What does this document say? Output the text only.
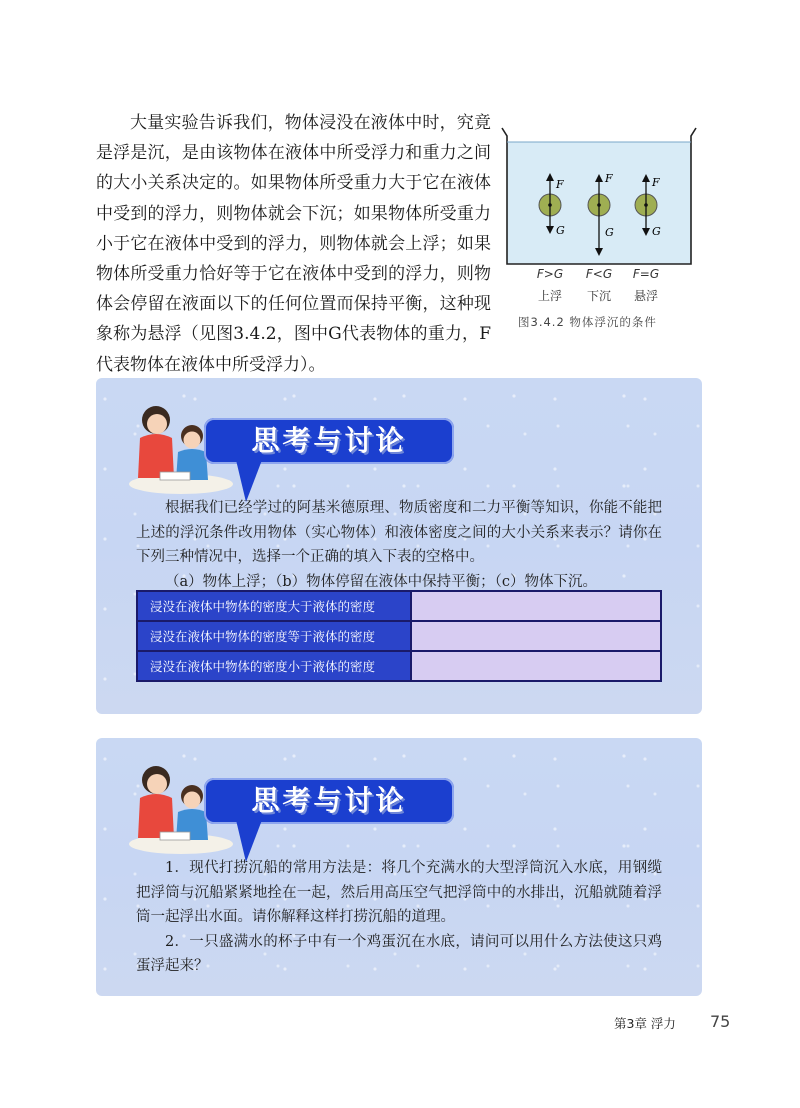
大量实验告诉我们，物体浸没在液体中时，究竟是浮是沉，是由该物体在液体中所受浮力和重力之间的大小关系决定的。如果物体所受重力大于它在液体中受到的浮力，则物体就会下沉；如果物体所受重力小于它在液体中受到的浮力，则物体就会上浮；如果物体所受重力恰好等于它在液体中受到的浮力，则物体会停留在液面以下的任何位置而保持平衡，这种现象称为悬浮（见图3.4.2，图中G代表物体的重力，F代表物体在液体中所受浮力）。

F
G
F
G
F
G
F>G	F<G	F=G
上浮	下沉	悬浮
图3.4.2 物体浮沉的条件
思考与讨论

根据我们已经学过的阿基米德原理、物质密度和二力平衡等知识，你能不能把上述的浮沉条件改用物体（实心物体）和液体密度之间的大小关系来表示？请你在下列三种情况中，选择一个正确的填入下表的空格中。

（a）物体上浮；（b）物体停留在液体中保持平衡；（c）物体下沉。

浸没在液体中物体的密度大于液体的密度	
浸没在液体中物体的密度等于液体的密度	
浸没在液体中物体的密度小于液体的密度	
思考与讨论

1．现代打捞沉船的常用方法是：将几个充满水的大型浮筒沉入水底，用钢缆把浮筒与沉船紧紧地拴在一起，然后用高压空气把浮筒中的水排出，沉船就随着浮筒一起浮出水面。请你解释这样打捞沉船的道理。

2．一只盛满水的杯子中有一个鸡蛋沉在水底，请问可以用什么方法使这只鸡蛋浮起来？

第3章 浮力 75
